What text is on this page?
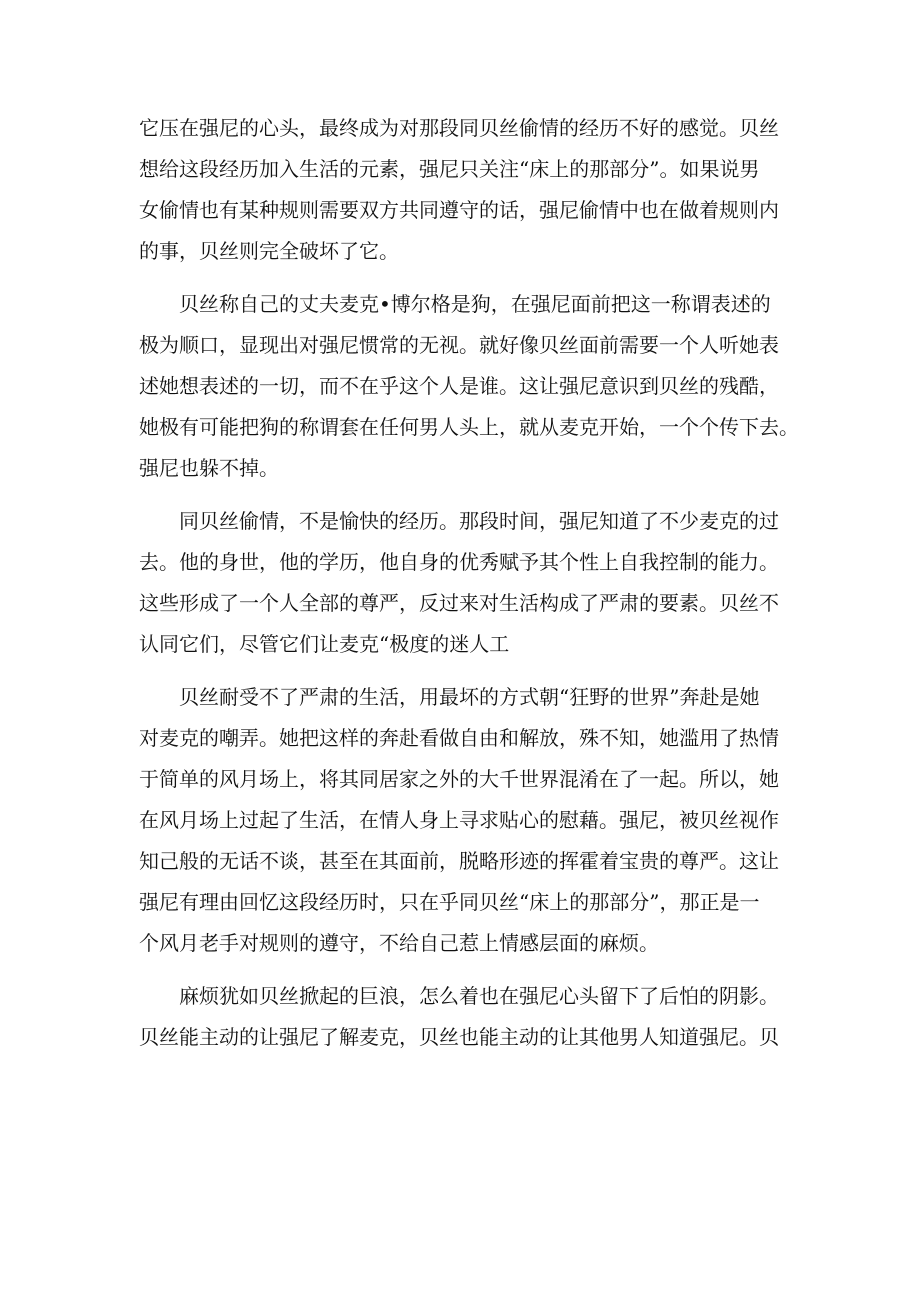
它压在强尼的心头，最终成为对那段同贝丝偷情的经历不好的感觉。贝丝
想给这段经历加入生活的元素，强尼只关注“床上的那部分”。如果说男
女偷情也有某种规则需要双方共同遵守的话，强尼偷情中也在做着规则内
的事，贝丝则完全破坏了它。
贝丝称自己的丈夫麦克•博尔格是狗，在强尼面前把这一称谓表述的
极为顺口，显现出对强尼惯常的无视。就好像贝丝面前需要一个人听她表
述她想表述的一切，而不在乎这个人是谁。这让强尼意识到贝丝的残酷，
她极有可能把狗的称谓套在任何男人头上，就从麦克开始，一个个传下去。
强尼也躲不掉。
同贝丝偷情，不是愉快的经历。那段时间，强尼知道了不少麦克的过
去。他的身世，他的学历，他自身的优秀赋予其个性上自我控制的能力。
这些形成了一个人全部的尊严，反过来对生活构成了严肃的要素。贝丝不
认同它们，尽管它们让麦克“极度的迷人工
贝丝耐受不了严肃的生活，用最坏的方式朝“狂野的世界”奔赴是她
对麦克的嘲弄。她把这样的奔赴看做自由和解放，殊不知，她滥用了热情
于简单的风月场上，将其同居家之外的大千世界混淆在了一起。所以，她
在风月场上过起了生活，在情人身上寻求贴心的慰藉。强尼，被贝丝视作
知己般的无话不谈，甚至在其面前，脱略形迹的挥霍着宝贵的尊严。这让
强尼有理由回忆这段经历时，只在乎同贝丝“床上的那部分”，那正是一
个风月老手对规则的遵守，不给自己惹上情感层面的麻烦。
麻烦犹如贝丝掀起的巨浪，怎么着也在强尼心头留下了后怕的阴影。
贝丝能主动的让强尼了解麦克，贝丝也能主动的让其他男人知道强尼。贝
